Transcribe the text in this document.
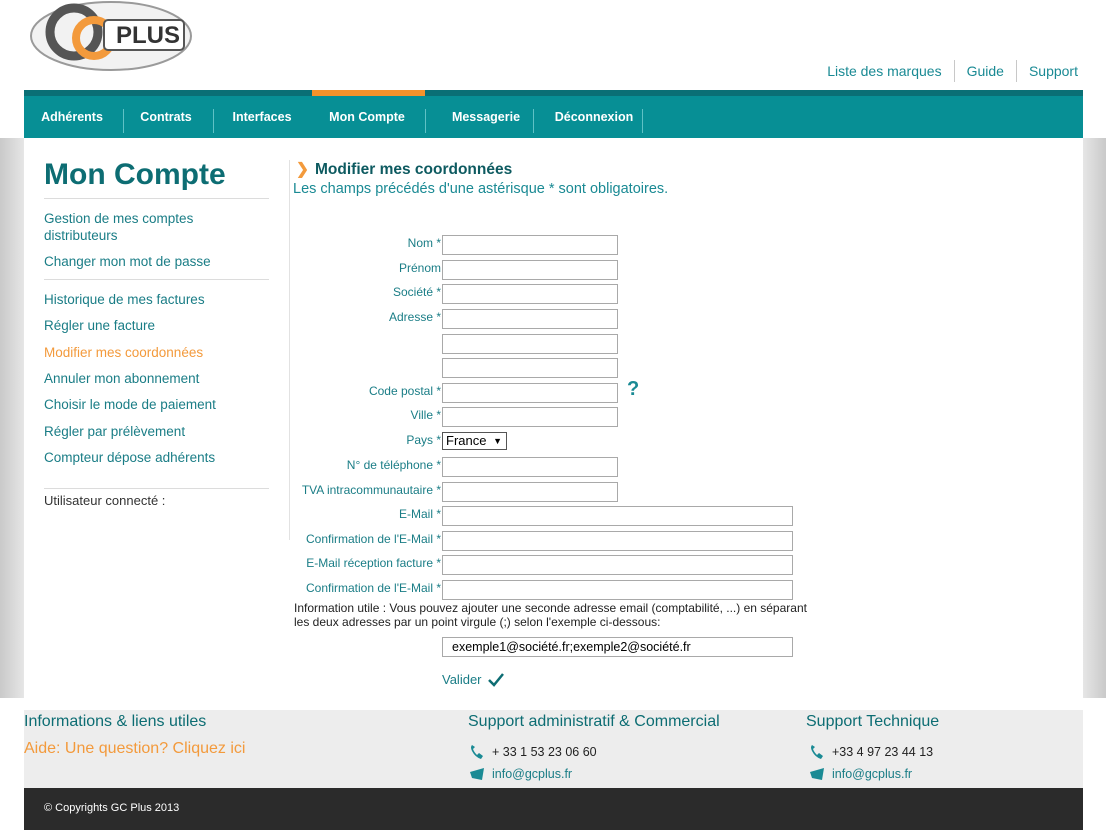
PLUS
Liste des marques	Guide	Support
Adhérents	Contrats	Interfaces	Mon Compte	Messagerie	Déconnexion
Mon Compte
Gestion de mes comptes distributeurs
Changer mon mot de passe
Historique de mes factures
Régler une facture
Modifier mes coordonnées
Annuler mon abonnement
Choisir le mode de paiement
Régler par prélèvement
Compteur dépose adhérents
Utilisateur connecté :
❯ Modifier mes coordonnées
Les champs précédés d'une astérisque * sont obligatoires.
Nom *
Prénom
Société *
Adresse *
Code postal *	?
Ville *
Pays * France ▼
N° de téléphone *
TVA intracommunautaire *
E-Mail *
Confirmation de l'E-Mail *
E-Mail réception facture *
Confirmation de l'E-Mail *
Information utile : Vous pouvez ajouter une seconde adresse email (comptabilité, ...) en séparant les deux adresses par un point virgule (;) selon l'exemple ci-dessous:
exemple1@société.fr;exemple2@société.fr
Valider
Informations & liens utiles
Aide: Une question? Cliquez ici
Support administratif & Commercial
+ 33 1 53 23 06 60
info@gcplus.fr
Support Technique
+33 4 97 23 44 13
info@gcplus.fr
© Copyrights GC Plus 2013
